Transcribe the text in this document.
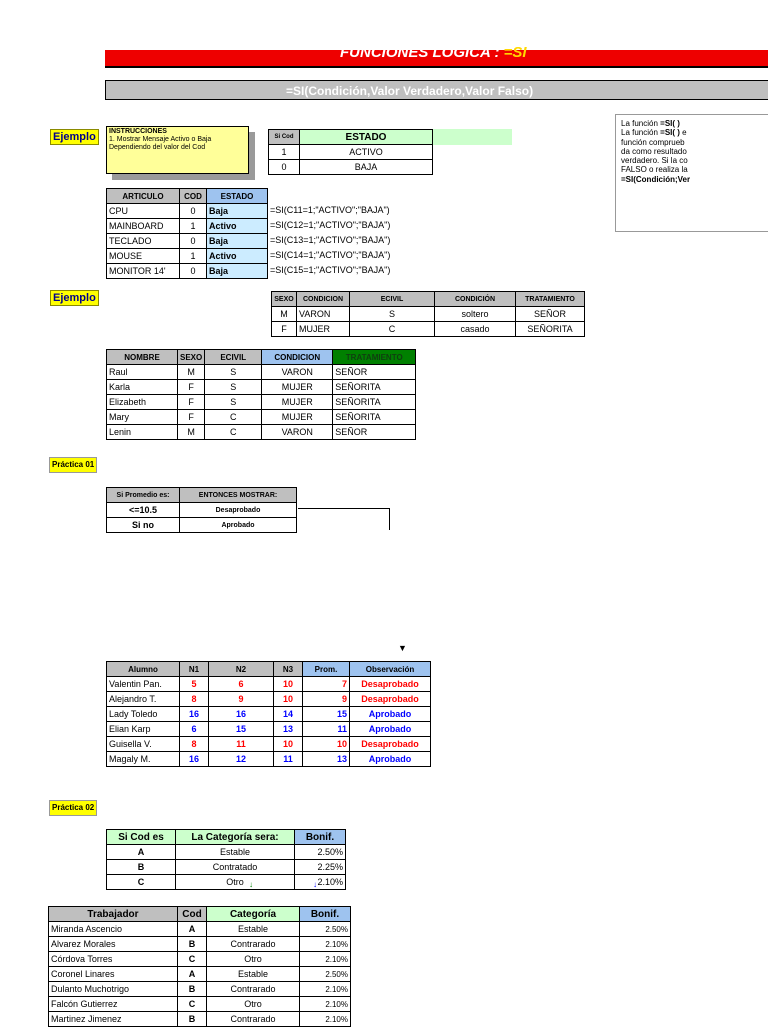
FUNCIONES LOGICA : =SI
=SI(Condición,Valor Verdadero,Valor Falso)
Ejemplo	INSTRUCCIONES
1. Mostrar Mensaje Activo o Baja
Dependiendo del valor del Cod
Si Cod	ESTADO
1	ACTIVO
0	BAJA
ARTICULO	COD	ESTADO
CPU	0	Baja
MAINBOARD	1	Activo
TECLADO	0	Baja
MOUSE	1	Activo
MONITOR 14'	0	Baja
=SI(C11=1;"ACTIVO";"BAJA")
=SI(C12=1;"ACTIVO";"BAJA")
=SI(C13=1;"ACTIVO";"BAJA")
=SI(C14=1;"ACTIVO";"BAJA")
=SI(C15=1;"ACTIVO";"BAJA")
La función =SI( )
La función =SI( ) e
función comprueb
da como resultado
verdadero. Si la co
FALSO o realiza la
=SI(Condición;Ver
Ejemplo	SEXO	CONDICION	ECIVIL	CONDICIÓN	TRATAMIENTO
M	VARON	S	soltero	SEÑOR
F	MUJER	C	casado	SEÑORITA
NOMBRE	SEXO	ECIVIL	CONDICION	TRATAMIENTO
Raul	M	S	VARON	SEÑOR
Karla	F	S	MUJER	SEÑORITA
Elizabeth	F	S	MUJER	SEÑORITA
Mary	F	C	MUJER	SEÑORITA
Lenin	M	C	VARON	SEÑOR
Práctica 01
Si Promedio es:	ENTONCES MOSTRAR:
<=10.5	Desaprobado
Si no	Aprobado
▼
Alumno	N1	N2	N3	Prom.	Observación
Valentin Pan.	5	6	10	7	Desaprobado
Alejandro T.	8	9	10	9	Desaprobado
Lady Toledo	16	16	14	15	Aprobado
Elian Karp	6	15	13	11	Aprobado
Guisella V.	8	11	10	10	Desaprobado
Magaly M.	16	12	11	13	Aprobado
Práctica 02
Si Cod es	La Categoría sera:	Bonif.
A	Estable	2.50%
B	Contratado	2.25%
C	Otro	2.10%
↓	↓
Trabajador	Cod	Categoría	Bonif.
Miranda Ascencio	A	Estable	2.50%
Alvarez Morales	B	Contrarado	2.10%
Córdova Torres	C	Otro	2.10%
Coronel Linares	A	Estable	2.50%
Dulanto Muchotrigo	B	Contrarado	2.10%
Falcón Gutierrez	C	Otro	2.10%
Martinez Jimenez	B	Contrarado	2.10%
